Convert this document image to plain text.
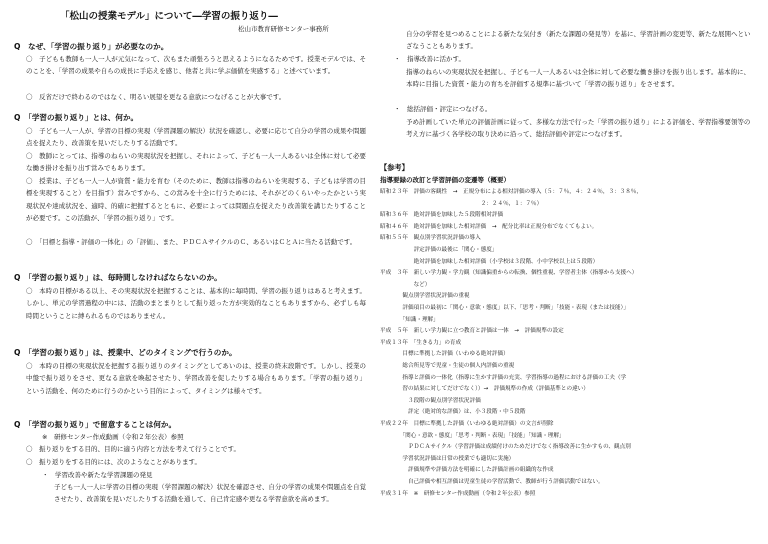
「松山の授業モデル」について―学習の振り返り―
松山市教育研修センター事務所
Q　なぜ、「学習の振り返り」が必要なのか。
〇　子どもも教師も一人一人が元気になって、次もまた頑張ろうと思えるようになるためです。授業モデルでは、そのことを、「学習の成果や自らの成長に手応えを感じ、他者と共に学ぶ価値を実感する」と述べています。
〇　反省だけで終わるのではなく、明るい展望を更なる意欲につなげることが大事です。
Q　「学習の振り返り」とは、何か。
〇　子ども一人一人が、学習の目標の実現（学習課題の解決）状況を確認し、必要に応じて自分の学習の成果や問題点を捉えたり、改善策を見いだしたりする活動です。
〇　教師にとっては、指導のねらいの実現状況を把握し、それによって、子ども一人一人あるいは全体に対して必要な働き掛けを振り出す営みでもあります。
〇　授業は、子ども一人一人が資質・能力を育む（そのために、教師は指導のねらいを実現する、子どもは学習の目標を実現すること）を目指す）営みですから、この営みを十全に行うためには、それがどのくらいやったかという実現状況や達成状況を、適時、的確に把握するとともに、必要によっては問題点を捉えたり改善策を講じたりすることが必要です。この活動が、「学習の振り返り」です。
〇　「目標と指導・評価の一体化」の「評価」、また、ＰＤＣＡサイクルのＣ、あるいはＣとＡに当たる活動です。
Q　「学習の振り返り」は、毎時間しなければならないのか。
〇　本時の目標がある以上、その実現状況を把握することは、基本的に毎時間、学習の振り返りはあると考えます。しかし、単元の学習過程の中には、活動のまとまりとして振り返った方が実効的なこともありますから、必ずしも毎時間ということに縛られるものではありません。
Q　「学習の振り返り」は、授業中、どのタイミングで行うのか。
〇　本時の目標の実現状況を把握する振り返りのタイミングとしてあいのは、授業の終末段階です。しかし、授業の中盤で振り返りをさせ、更なる意欲を喚起させたり、学習改善を促したりする場合もあります。「学習の振り返り」という活動を、何のために行うのかという目的によって、タイミングは様々です。
Q　「学習の振り返り」で留意することは何か。
※　研修センター作成動画（令和２年公表）参照
〇　振り返りをする目的、目的に適う内容と方法を考えて行うことです。
〇　振り返りをする目的には、次のようなことがあります。
・　学習改善や新たな学習課題の発見
子ども一人一人に学習の目標の実現（学習課題の解決）状況を確認させ、自分の学習の成果や問題点を自覚させたり、改善策を見いだしたりする活動を通して、自己肯定感や更なる学習意欲を高めます。
自分の学習を見つめることによる新たな気付き（新たな課題の発見等）を基に、学習計画の変更等、新たな展開へといざなうこともあります。
・　指導改善に活かす。
指導のねらいの実現状況を把握し、子ども一人一人あるいは全体に対して必要な働き掛けを振り出します。基本的に、本時に目指した資質・能力の育ちを評価する規準に基づいて「学習の振り返り」をさせます。
・　総括評価・評定につなげる。
予め計画していた単元の評価計画に従って、多様な方法で行った「学習の振り返り」による評価を、学習指導要領等の考え方に基づく各学校の取り決めに沿って、総括評価や評定につなげます。
【参考】
指導要録の改訂と学習評価の変遷等（概要）
昭和２３年　評価の客観性　→　正規分布による相対評価の導入（５：７％，４：２４％，３：３８％，
　　　　　　　　　　　　　　　　　　２：２４％，１：７％）
昭和３６年　絶対評価を加味した５段階相対評価
昭和４６年　絶対評価を加味した相対評価　→　配分比率は正規分布でなくてもよい。
昭和５５年　観点別学習状況評価の導入
　　　　　　評定評価の最後に「関心・態度」
　　　　　　絶対評価を加味した相対評価（小学校は３段階、小中学校以上は５段階）
平成　３年　新しい学力観・学力観（知識偏重からの転換、個性重視、学習者主体（指導から支援へ）
　　　　　　など）
　　　　観点別学習状況評価の重視
　　　　評価項目の最初に「関心・意欲・態度」以下、「思考・判断」「技能・表現（または技能）」
　　　　「知識・理解」
平成　５年　新しい学力観に立つ教育と評価は一体　→　評価規準の設定
平成１３年　「生きる力」の育成
　　　　目標に準拠した評価（いわゆる絶対評価）
　　　　総合所見等で児童・生徒の個人内評価の重視
　　　　指導と評価の一体化（指導に生かす評価の充実、学習指導の過程における評価の工夫（学
　　　　習の結果に対してだけでなく））→　評価規準の作成（評価基準との違い）
　　　　　３段階の観点別学習状況評価
　　　　　評定（絶対的な評価）は、小３段階・中５段階
平成２２年　目標に準拠した評価（いわゆる絶対評価）の文言が削除
　　　　「関心・意欲・態度」「思考・判断・表現」「技能」「知識・理解」
　　　　　ＰＤＣＡサイクル（学習評価は成績付けのためだけでなく指導改善に生かすもの、観点別
　　　　学習状況評価は日常の授業でも適切に実施）
　　　　　評価規準や評価方法を明確にした評価計画の組織的な作成
　　　　　自己評価や相互評価は児童生徒の学習活動で、教師が行う評価活動ではない。
平成３１年　※　研修センター作成動画（令和２年公表）参照
